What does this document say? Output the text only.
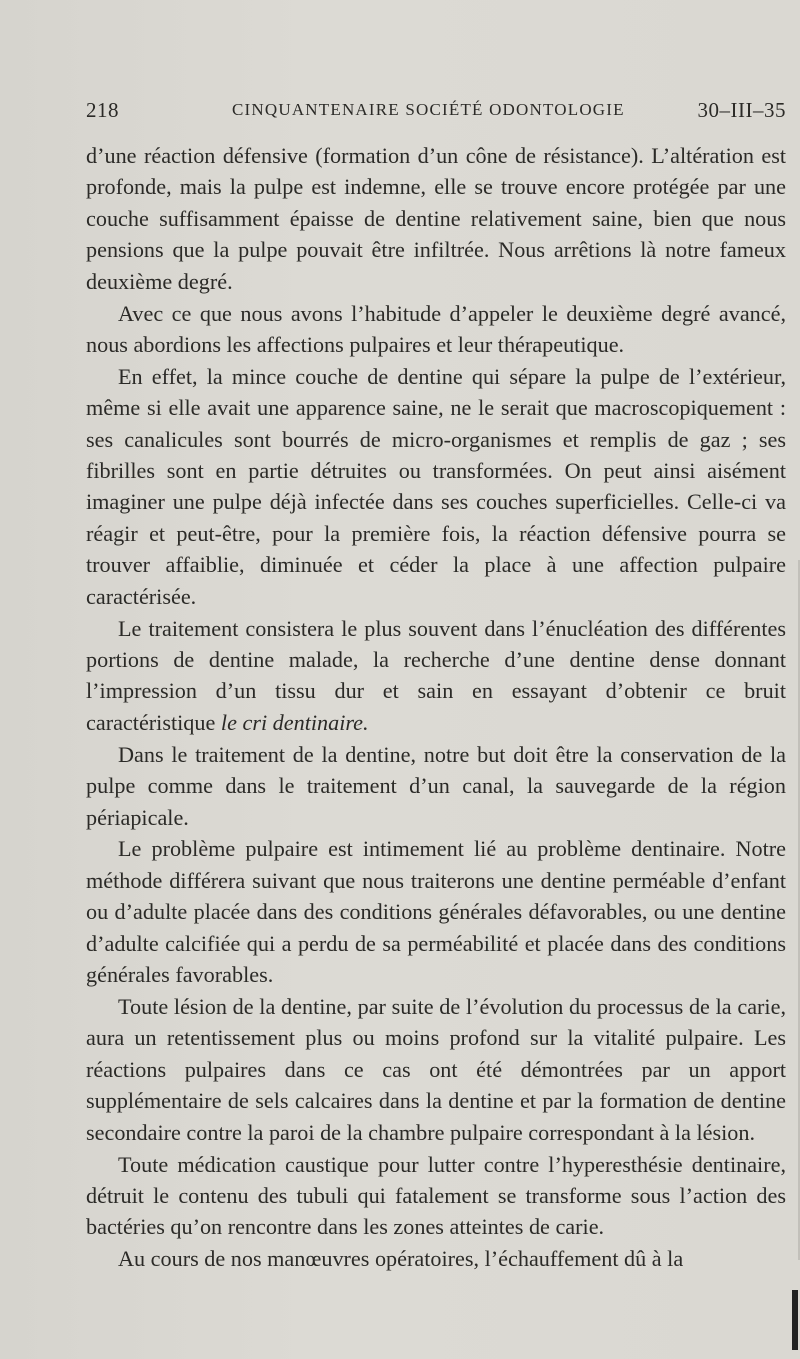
218	CINQUANTENAIRE SOCIÉTÉ ODONTOLOGIE	30–III–35

d’une réaction défensive (formation d’un cône de résistance). L’altération est profonde, mais la pulpe est indemne, elle se trouve encore protégée par une couche suffisamment épaisse de dentine relativement saine, bien que nous pensions que la pulpe pouvait être infiltrée. Nous arrêtions là notre fameux deuxième degré.

Avec ce que nous avons l’habitude d’appeler le deuxième degré avancé, nous abordions les affections pulpaires et leur thérapeutique.

En effet, la mince couche de dentine qui sépare la pulpe de l’extérieur, même si elle avait une apparence saine, ne le serait que macroscopiquement : ses canalicules sont bourrés de micro-organismes et remplis de gaz ; ses fibrilles sont en partie détruites ou transformées. On peut ainsi aisément imaginer une pulpe déjà infectée dans ses couches superficielles. Celle-ci va réagir et peut-être, pour la première fois, la réaction défensive pourra se trouver affaiblie, diminuée et céder la place à une affection pulpaire caractérisée.

Le traitement consistera le plus souvent dans l’énucléation des différentes portions de dentine malade, la recherche d’une dentine dense donnant l’impression d’un tissu dur et sain en essayant d’obtenir ce bruit caractéristique le cri dentinaire.

Dans le traitement de la dentine, notre but doit être la conservation de la pulpe comme dans le traitement d’un canal, la sauvegarde de la région périapicale.

Le problème pulpaire est intimement lié au problème dentinaire. Notre méthode différera suivant que nous traiterons une dentine perméable d’enfant ou d’adulte placée dans des conditions générales défavorables, ou une dentine d’adulte calcifiée qui a perdu de sa perméabilité et placée dans des conditions générales favorables.

Toute lésion de la dentine, par suite de l’évolution du processus de la carie, aura un retentissement plus ou moins profond sur la vitalité pulpaire. Les réactions pulpaires dans ce cas ont été démontrées par un apport supplémentaire de sels calcaires dans la dentine et par la formation de dentine secondaire contre la paroi de la chambre pulpaire correspondant à la lésion.

Toute médication caustique pour lutter contre l’hyperesthésie dentinaire, détruit le contenu des tubuli qui fatalement se transforme sous l’action des bactéries qu’on rencontre dans les zones atteintes de carie.

Au cours de nos manœuvres opératoires, l’échauffement dû à la
